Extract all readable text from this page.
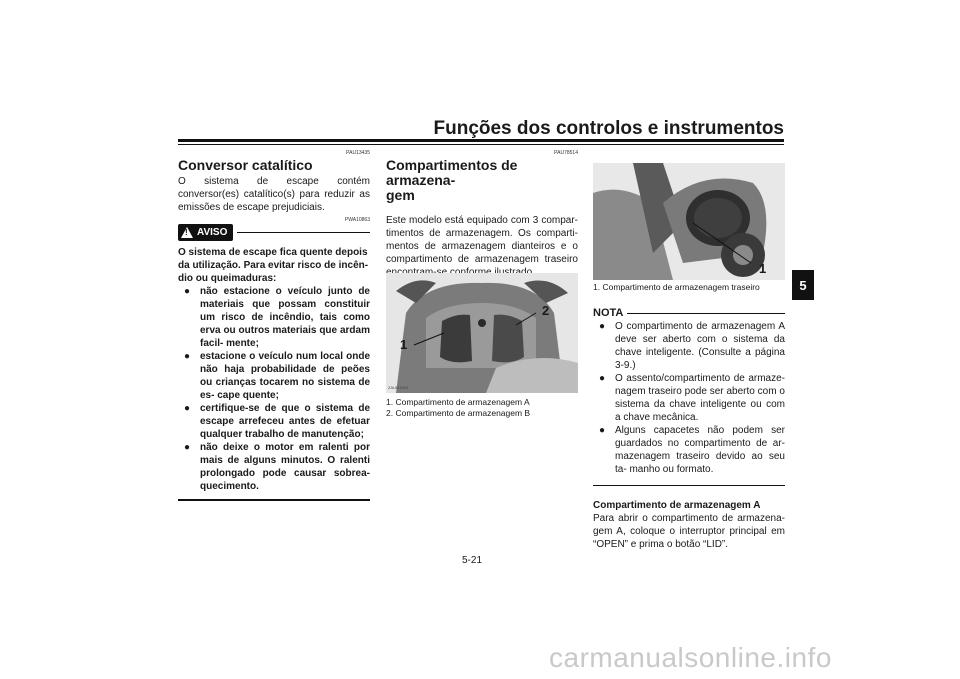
Funções dos controlos e instrumentos
5
PAU13435
Conversor catalítico
O sistema de escape contém conversor(es) catalítico(s) para reduzir as emissões de escape prejudiciais.
PWA10863
! AVISO
O sistema de escape fica quente depois da utilização. Para evitar risco de incên- dio ou queimaduras:
● não estacione o veículo junto de materiais que possam constituir um risco de incêndio, tais como erva ou outros materiais que ardam facil- mente;
● estacione o veículo num local onde não haja probabilidade de peões ou crianças tocarem no sistema de es- cape quente;
● certifique-se de que o sistema de escape arrefeceu antes de efetuar qualquer trabalho de manutenção;
● não deixe o motor em ralenti por mais de alguns minutos. O ralenti prolongado pode causar sobrea- quecimento.
PAU78514
Compartimentos de armazena-
gem
Este modelo está equipado com 3 compar- timentos de armazenagem. Os comparti- mentos de armazenagem dianteiros e o compartimento de armazenagem traseiro
1
2
ZAUM1910
1. Compartimento de armazenagem A
2. Compartimento de armazenagem B
1
1. Compartimento de armazenagem traseiro
NOTA
● O compartimento de armazenagem A deve ser aberto com o sistema da chave inteligente. (Consulte a página 3-9.)
● O assento/compartimento de armaze- nagem traseiro pode ser aberto com o sistema da chave inteligente ou com a chave mecânica.
● Alguns capacetes não podem ser guardados no compartimento de ar- mazenagem traseiro devido ao seu ta- manho ou formato.
Compartimento de armazenagem A
Para abrir o compartimento de armazena- gem A, coloque o interruptor principal em “OPEN” e prima o botão “LID”.
5-21
carmanualsonline.info
